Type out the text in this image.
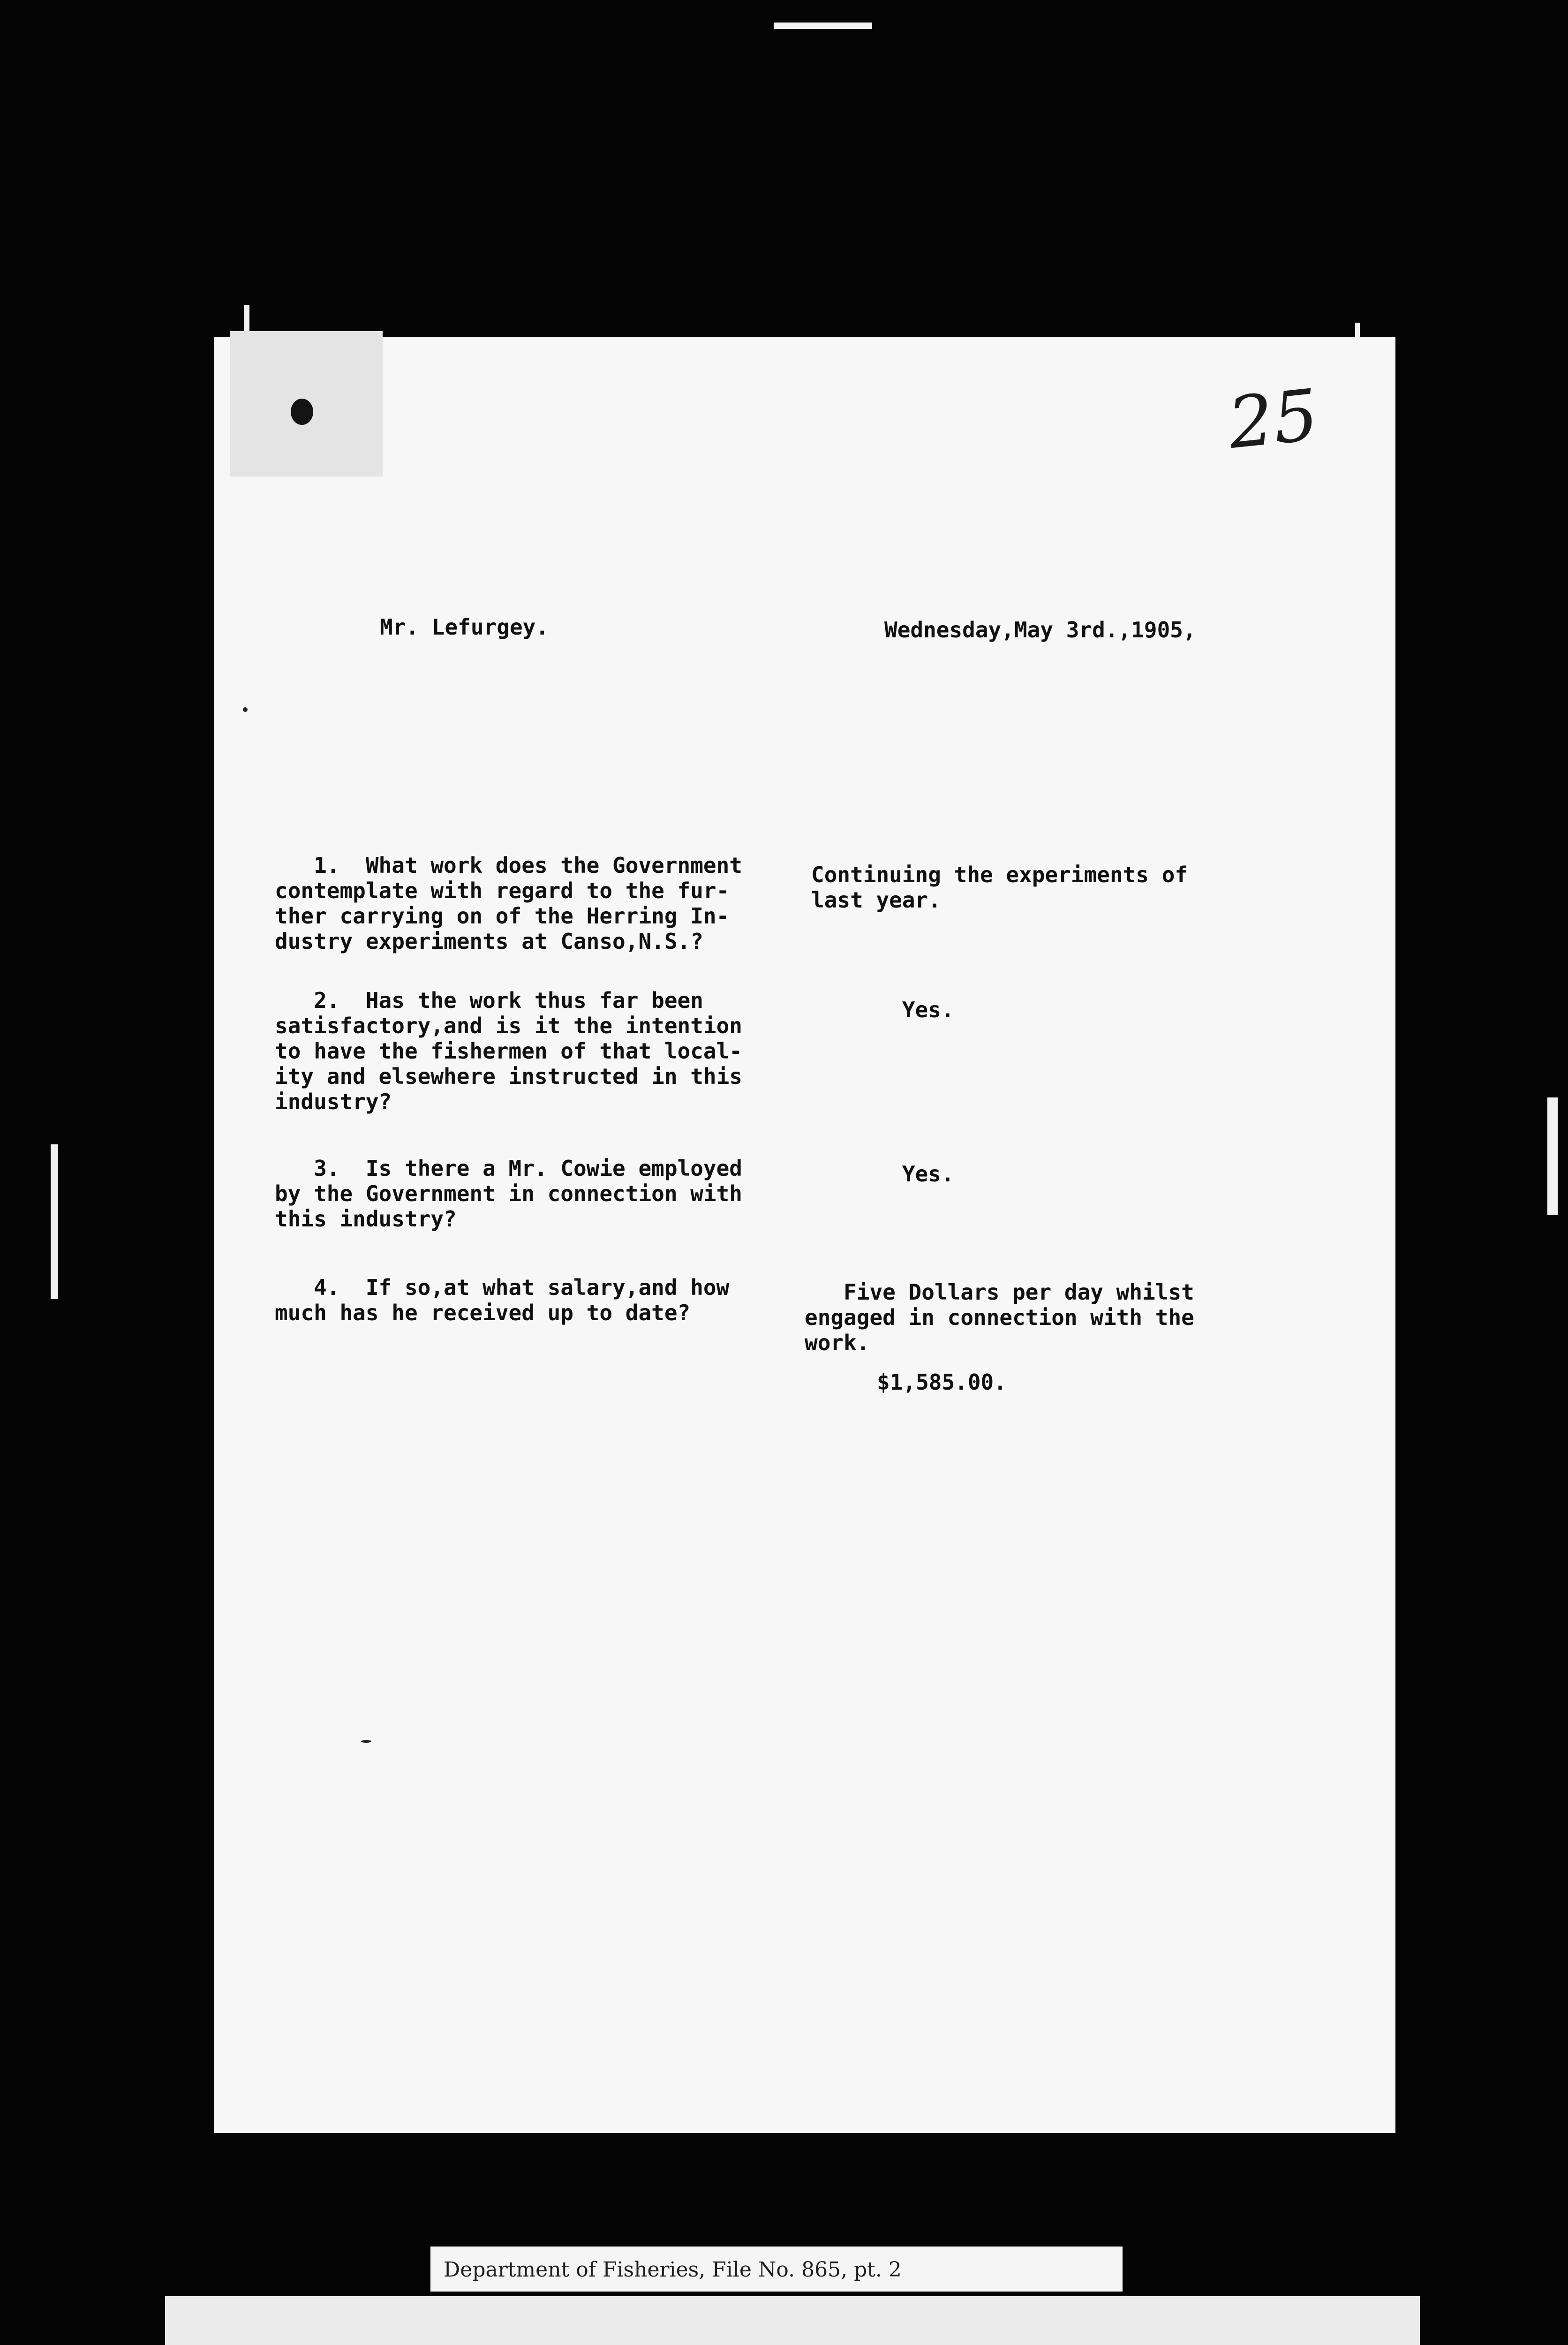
25
Mr. Lefurgey.	Wednesday,May 3rd.,1905,
1.  What work does the Government
contemplate with regard to the fur-
ther carrying on of the Herring In-
dustry experiments at Canso,N.S.?
Continuing the experiments of
last year.
2.  Has the work thus far been
satisfactory,and is it the intention
to have the fishermen of that local-
ity and elsewhere instructed in this
industry?
Yes.
3.  Is there a Mr. Cowie employed
by the Government in connection with
this industry?
Yes.
4.  If so,at what salary,and how
much has he received up to date?
Five Dollars per day whilst
engaged in connection with the
work.
$1,585.00.
Department of Fisheries, File No. 865, pt. 2
